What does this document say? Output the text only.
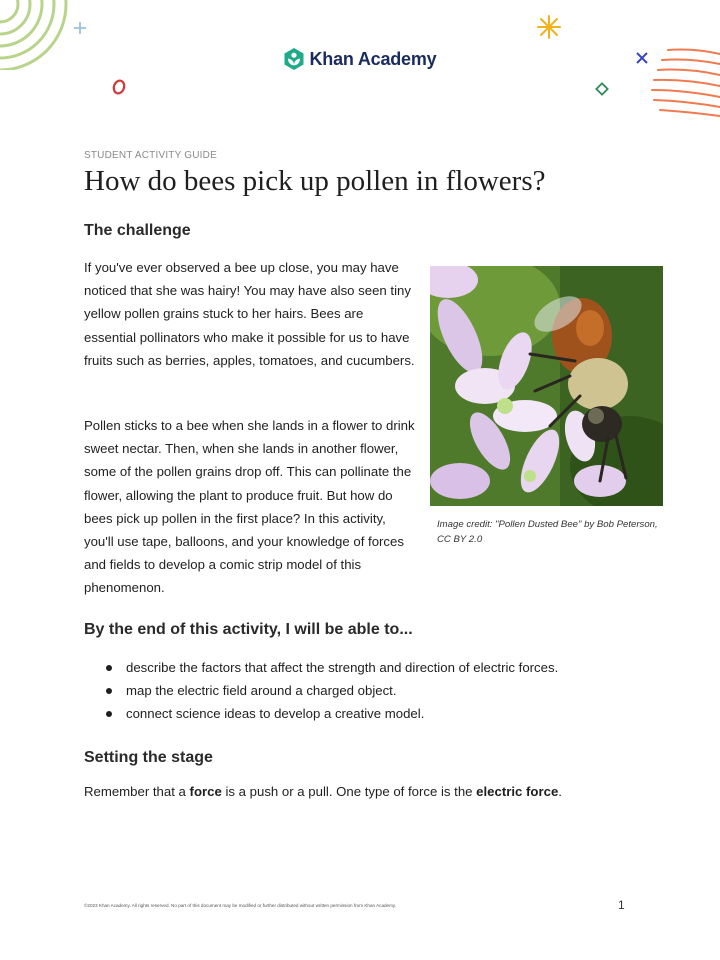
Khan Academy
STUDENT ACTIVITY GUIDE
How do bees pick up pollen in flowers?
The challenge

If you've ever observed a bee up close, you may have noticed that she was hairy! You may have also seen tiny yellow pollen grains stuck to her hairs. Bees are essential pollinators who make it possible for us to have fruits such as berries, apples, tomatoes, and cucumbers.

Pollen sticks to a bee when she lands in a flower to drink sweet nectar. Then, when she lands in another flower, some of the pollen grains drop off. This can pollinate the flower, allowing the plant to produce fruit. But how do bees pick up pollen in the first place? In this activity, you'll use tape, balloons, and your knowledge of forces and fields to develop a comic strip model of this phenomenon.

Image credit: "Pollen Dusted Bee" by Bob Peterson, CC BY 2.0

By the end of this activity, I will be able to...
describe the factors that affect the strength and direction of electric forces.
map the electric field around a charged object.
connect science ideas to develop a creative model.
Setting the stage

Remember that a force is a push or a pull. One type of force is the electric force.

©2023 Khan Academy. All rights reserved. No part of this document may be modified or further distributed without written permission from Khan Academy.	1
